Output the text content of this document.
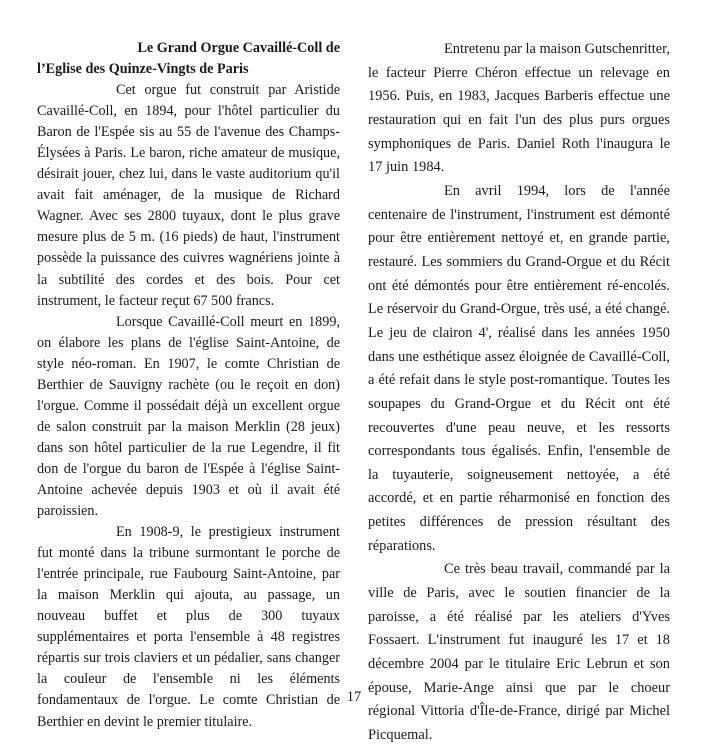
Le Grand Orgue Cavaillé-Coll de
l’Eglise des Quinze-Vingts de Paris

Cet orgue fut construit par Aristide Cavaillé-Coll, en 1894, pour l'hôtel particulier du Baron de l'Espée sis au 55 de l'avenue des Champs-Élysées à Paris. Le baron, riche amateur de musique, désirait jouer, chez lui, dans le vaste auditorium qu'il avait fait aménager, de la musique de Richard Wagner. Avec ses 2800 tuyaux, dont le plus grave mesure plus de 5 m. (16 pieds) de haut, l'instrument possède la puissance des cuivres wagnériens jointe à la subtilité des cordes et des bois. Pour cet instrument, le facteur reçut 67 500 francs.

Lorsque Cavaillé-Coll meurt en 1899, on élabore les plans de l'église Saint-Antoine, de style néo-roman. En 1907, le comte Christian de Berthier de Sauvigny rachète (ou le reçoit en don) l'orgue. Comme il possédait déjà un excellent orgue de salon construit par la maison Merklin (28 jeux) dans son hôtel particulier de la rue Legendre, il fit don de l'orgue du baron de l'Espée à l'église Saint-Antoine achevée depuis 1903 et où il avait été paroissien.

En 1908-9, le prestigieux instrument fut monté dans la tribune surmontant le porche de l'entrée principale, rue Faubourg Saint-Antoine, par la maison Merklin qui ajouta, au passage, un nouveau buffet et plus de 300 tuyaux supplémentaires et porta l'ensemble à 48 registres répartis sur trois claviers et un pédalier, sans changer la couleur de l'ensemble ni les éléments fondamentaux de l'orgue. Le comte Christian de Berthier en devint le premier titulaire.

Entretenu par la maison Gutschenritter, le facteur Pierre Chéron effectue un relevage en 1956. Puis, en 1983, Jacques Barberis effectue une restauration qui en fait l'un des plus purs orgues symphoniques de Paris. Daniel Roth l'inaugura le 17 juin 1984.

En avril 1994, lors de l'année centenaire de l'instrument, l'instrument est démonté pour être entièrement nettoyé et, en grande partie, restauré. Les sommiers du Grand-Orgue et du Récit ont été démontés pour être entièrement ré-encolés. Le réservoir du Grand-Orgue, très usé, a été changé. Le jeu de clairon 4', réalisé dans les années 1950 dans une esthétique assez éloignée de Cavaillé-Coll, a été refait dans le style post-romantique. Toutes les soupapes du Grand-Orgue et du Récit ont été recouvertes d'une peau neuve, et les ressorts correspondants tous égalisés. Enfin, l'ensemble de la tuyauterie, soigneusement nettoyée, a été accordé, et en partie réharmonisé en fonction des petites différences de pression résultant des réparations.

Ce très beau travail, commandé par la ville de Paris, avec le soutien financier de la paroisse, a été réalisé par les ateliers d'Yves Fossaert. L'instrument fut inauguré les 17 et 18 décembre 2004 par le titulaire Eric Lebrun et son épouse, Marie-Ange ainsi que par le choeur régional Vittoria d'Île-de-France, dirigé par Michel Picquemal.

17
